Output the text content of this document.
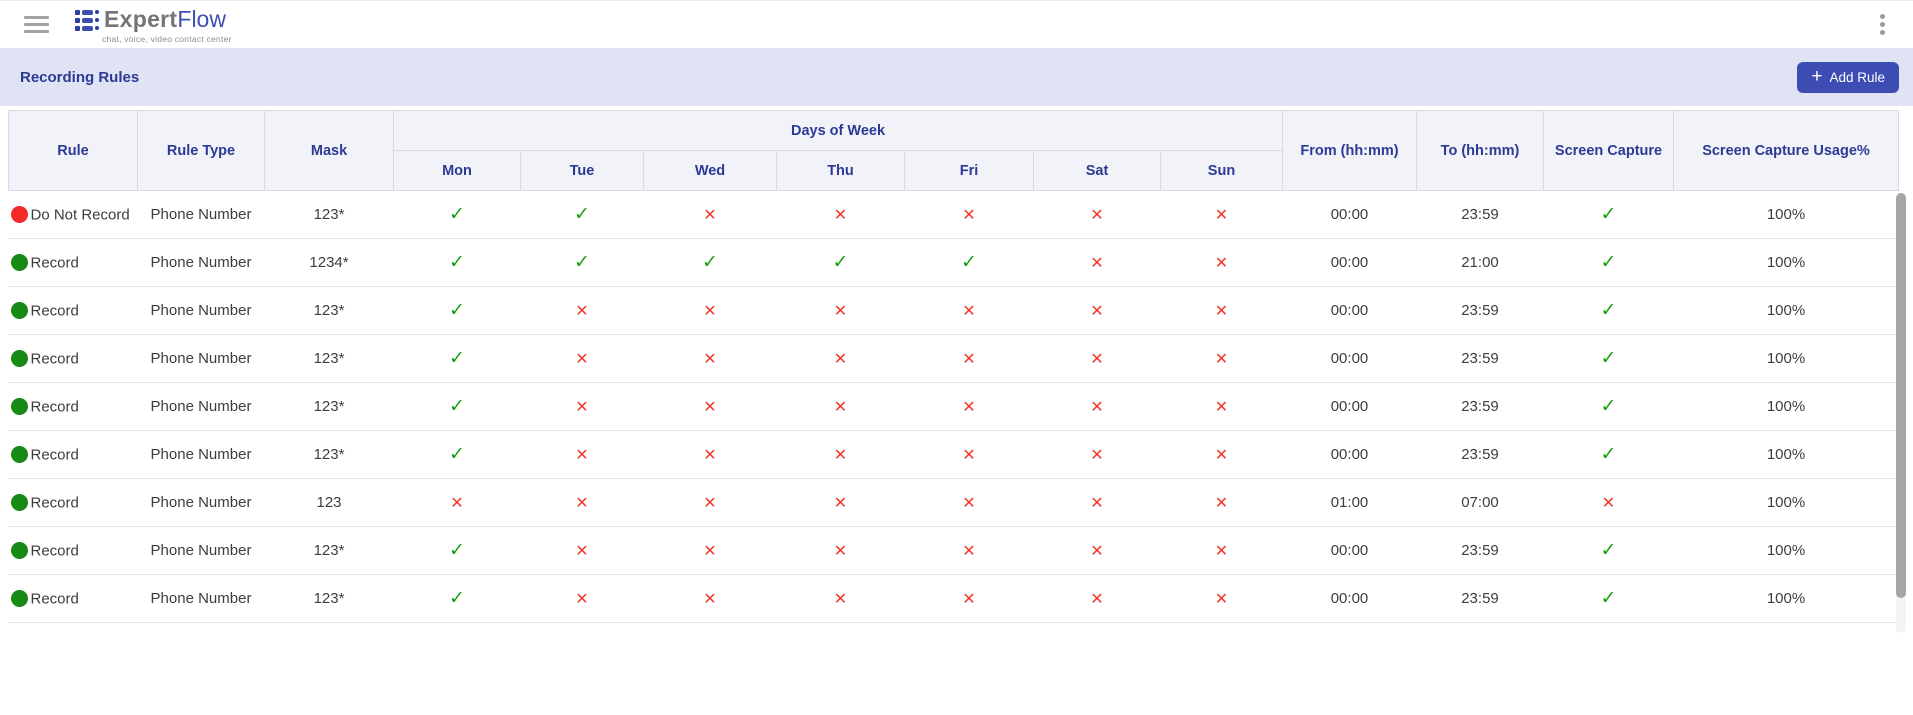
Expert Flow
chat, voice, video contact center
Recording Rules	+ Add Rule
Rule	Rule Type	Mask	Days of Week							From (hh:mm)	To (hh:mm)	Screen Capture	Screen Capture Usage%
			Mon	Tue	Wed	Thu	Fri	Sat	Sun				
Do Not Record	Phone Number	123*	✓	✓	✕	✕	✕	✕	✕	00:00	23:59	✓	100%
Record	Phone Number	1234*	✓	✓	✓	✓	✓	✕	✕	00:00	21:00	✓	100%
Record	Phone Number	123*	✓	✕	✕	✕	✕	✕	✕	00:00	23:59	✓	100%
Record	Phone Number	123*	✓	✕	✕	✕	✕	✕	✕	00:00	23:59	✓	100%
Record	Phone Number	123*	✓	✕	✕	✕	✕	✕	✕	00:00	23:59	✓	100%
Record	Phone Number	123*	✓	✕	✕	✕	✕	✕	✕	00:00	23:59	✓	100%
Record	Phone Number	123	✕	✕	✕	✕	✕	✕	✕	01:00	07:00	✕	100%
Record	Phone Number	123*	✓	✕	✕	✕	✕	✕	✕	00:00	23:59	✓	100%
Record	Phone Number	123*	✓	✕	✕	✕	✕	✕	✕	00:00	23:59	✓	100%
